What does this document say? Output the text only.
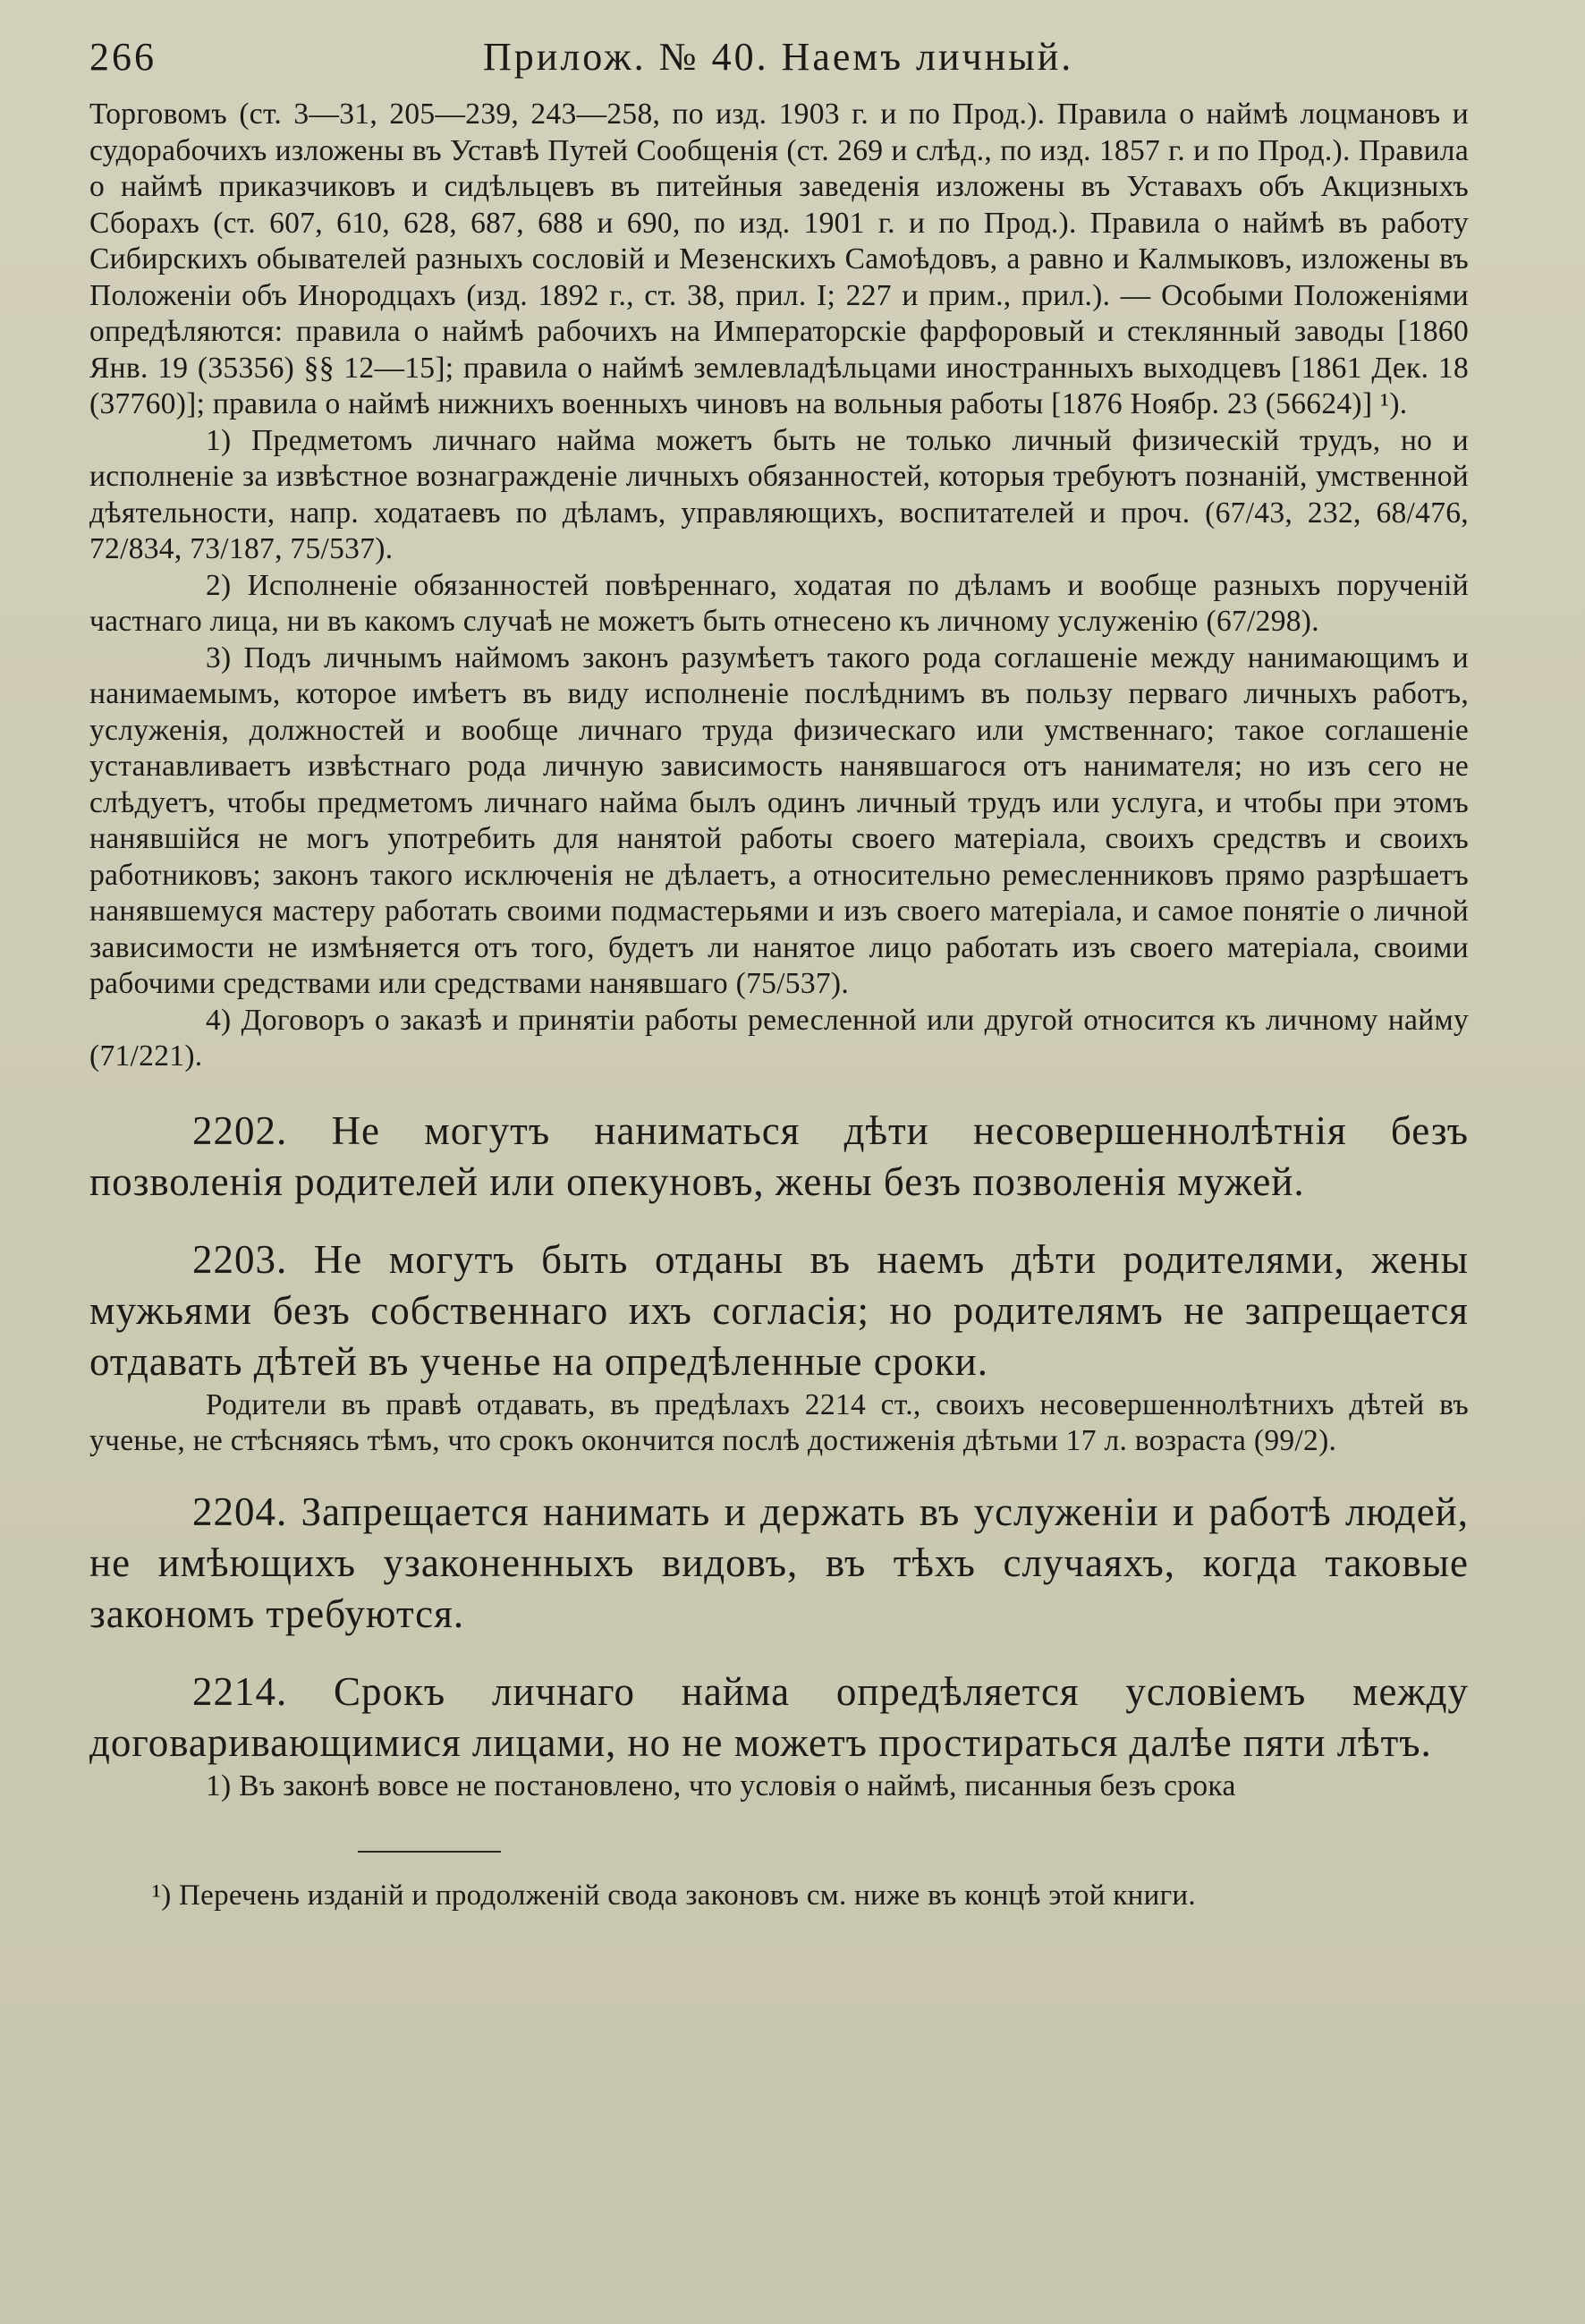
266	Прилож. № 40. Наемъ личный.

Торговомъ (ст. 3—31, 205—239, 243—258, по изд. 1903 г. и по Прод.). Правила о наймѣ лоцмановъ и судорабочихъ изложены въ Уставѣ Путей Сообщенія (ст. 269 и слѣд., по изд. 1857 г. и по Прод.). Правила о наймѣ приказчиковъ и сидѣльцевъ въ питейныя заведенія изложены въ Уставахъ объ Акцизныхъ Сборахъ (ст. 607, 610, 628, 687, 688 и 690, по изд. 1901 г. и по Прод.). Правила о наймѣ въ работу Сибирскихъ обывателей разныхъ сословій и Мезенскихъ Самоѣдовъ, а равно и Калмыковъ, изложены въ Положеніи объ Инородцахъ (изд. 1892 г., ст. 38, прил. I; 227 и прим., прил.). — Особыми Положеніями опредѣляются: правила о наймѣ рабочихъ на Императорскіе фарфоровый и стеклянный заводы [1860 Янв. 19 (35356) §§ 12—15]; правила о наймѣ землевладѣльцами иностранныхъ выходцевъ [1861 Дек. 18 (37760)]; правила о наймѣ нижнихъ военныхъ чиновъ на вольныя работы [1876 Ноябр. 23 (56624)] ¹).

1) Предметомъ личнаго найма можетъ быть не только личный физическій трудъ, но и исполненіе за извѣстное вознагражденіе личныхъ обязанностей, которыя требуютъ познаній, умственной дѣятельности, напр. ходатаевъ по дѣламъ, управляющихъ, воспитателей и проч. (67/43, 232, 68/476, 72/834, 73/187, 75/537).

2) Исполненіе обязанностей повѣреннаго, ходатая по дѣламъ и вообще разныхъ порученій частнаго лица, ни въ какомъ случаѣ не можетъ быть отнесено къ личному услуженію (67/298).

3) Подъ личнымъ наймомъ законъ разумѣетъ такого рода соглашеніе между нанимающимъ и нанимаемымъ, которое имѣетъ въ виду исполненіе послѣднимъ въ пользу перваго личныхъ работъ, услуженія, должностей и вообще личнаго труда физическаго или умственнаго; такое соглашеніе устанавливаетъ извѣстнаго рода личную зависимость нанявшагося отъ нанимателя; но изъ сего не слѣдуетъ, чтобы предметомъ личнаго найма былъ одинъ личный трудъ или услуга, и чтобы при этомъ нанявшійся не могъ употребить для нанятой работы своего матеріала, своихъ средствъ и своихъ работниковъ; законъ такого исключенія не дѣлаетъ, а относительно ремесленниковъ прямо разрѣшаетъ нанявшемуся мастеру работать своими подмастерьями и изъ своего матеріала, и самое понятіе о личной зависимости не измѣняется отъ того, будетъ ли нанятое лицо работать изъ своего матеріала, своими рабочими средствами или средствами нанявшаго (75/537).

4) Договоръ о заказѣ и принятіи работы ремесленной или другой относится къ личному найму (71/221).

2202. Не могутъ наниматься дѣти несовершеннолѣтнія безъ позволенія родителей или опекуновъ, жены безъ позволенія мужей.

2203. Не могутъ быть отданы въ наемъ дѣти родителями, жены мужьями безъ собственнаго ихъ согласія; но родителямъ не запрещается отдавать дѣтей въ ученье на опредѣленные сроки.

Родители въ правѣ отдавать, въ предѣлахъ 2214 ст., своихъ несовершеннолѣтнихъ дѣтей въ ученье, не стѣсняясь тѣмъ, что срокъ окончится послѣ достиженія дѣтьми 17 л. возраста (99/2).

2204. Запрещается нанимать и держать въ услуженіи и работѣ людей, не имѣющихъ узаконенныхъ видовъ, въ тѣхъ случаяхъ, когда таковые закономъ требуются.

2214. Срокъ личнаго найма опредѣляется условіемъ между договаривающимися лицами, но не можетъ простираться далѣе пяти лѣтъ.

1) Въ законѣ вовсе не постановлено, что условія о наймѣ, писанныя безъ срока

¹) Перечень изданій и продолженій свода законовъ см. ниже въ концѣ этой книги.
